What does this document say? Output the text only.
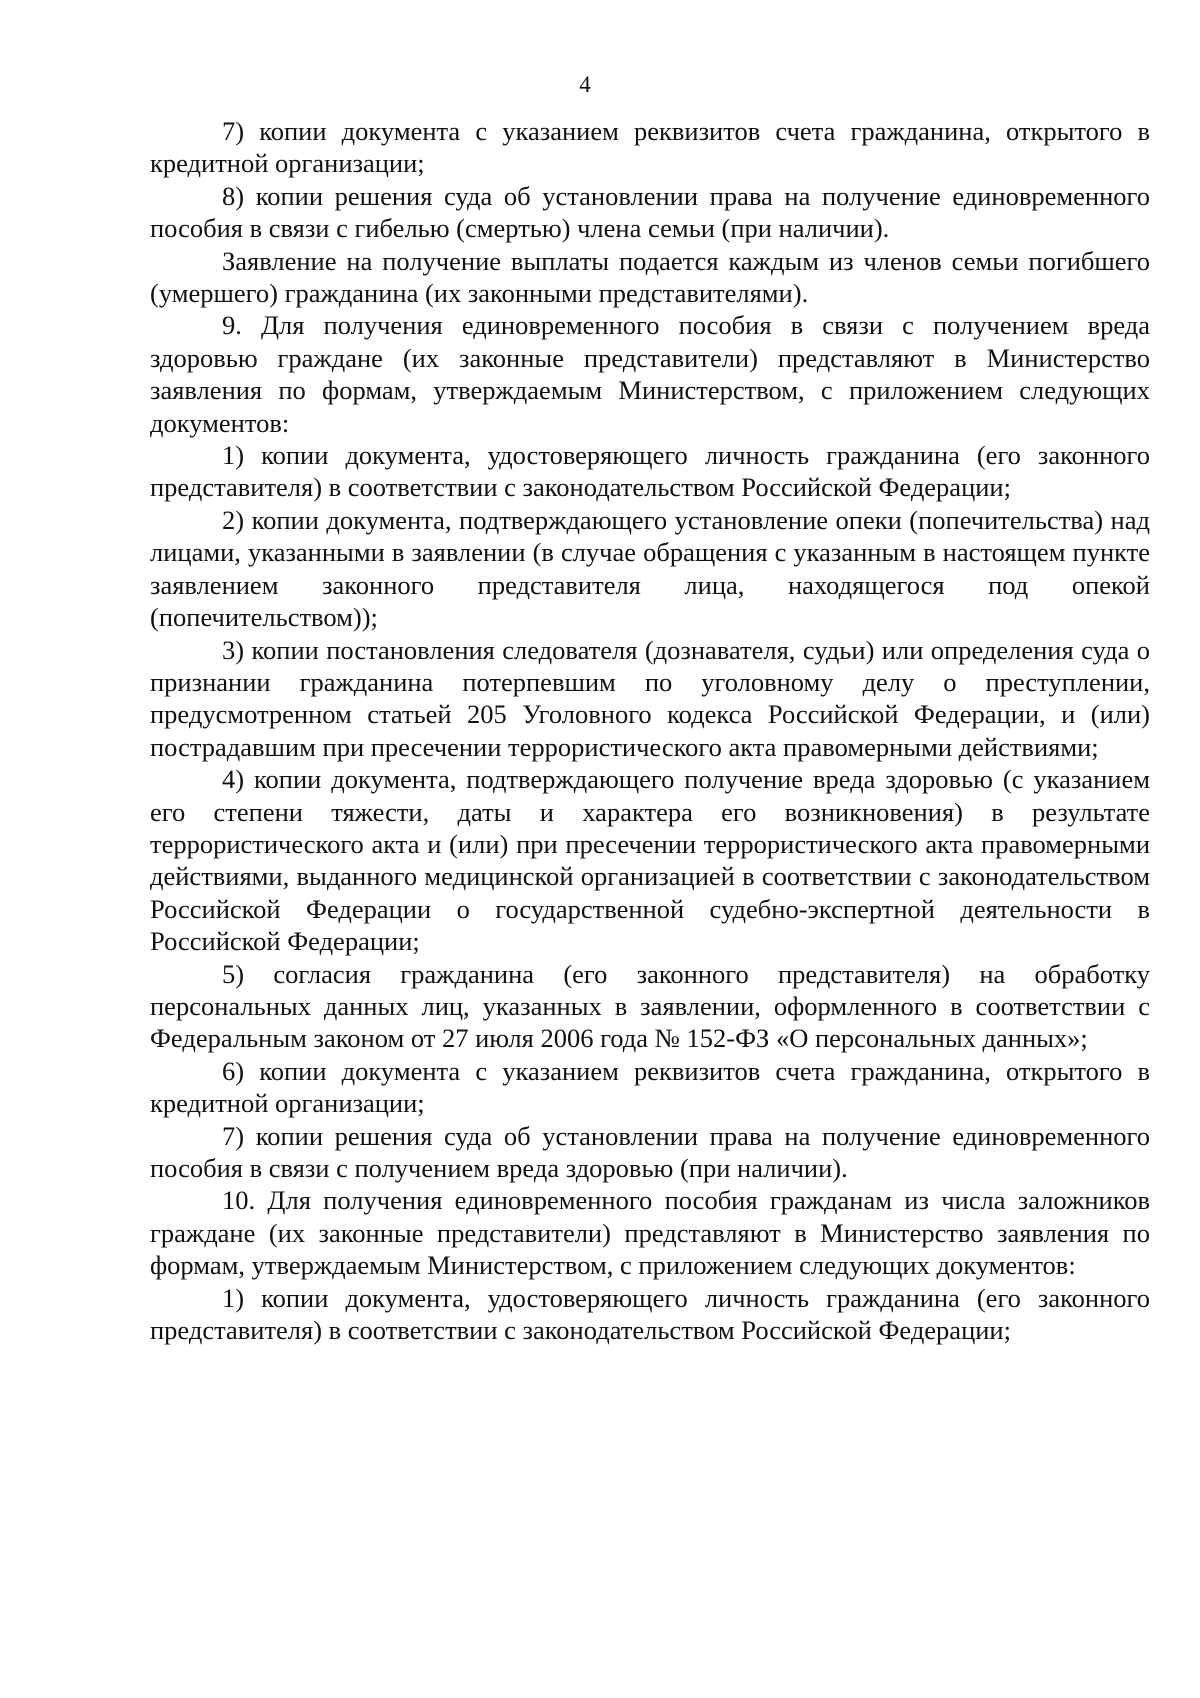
4

7) копии документа с указанием реквизитов счета гражданина, открытого в кредитной организации;

8) копии решения суда об установлении права на получение единовременного пособия в связи с гибелью (смертью) члена семьи (при наличии).

Заявление на получение выплаты подается каждым из членов семьи погибшего (умершего) гражданина (их законными представителями).

9. Для получения единовременного пособия в связи с получением вреда здоровью граждане (их законные представители) представляют в Министерство заявления по формам, утверждаемым Министерством, с приложением следующих документов:

1) копии документа, удостоверяющего личность гражданина (его законного представителя) в соответствии с законодательством Российской Федерации;

2) копии документа, подтверждающего установление опеки (попечительства) над лицами, указанными в заявлении (в случае обращения с указанным в настоящем пункте заявлением законного представителя лица, находящегося под опекой (попечительством));

3) копии постановления следователя (дознавателя, судьи) или определения суда о признании гражданина потерпевшим по уголовному делу о преступлении, предусмотренном статьей 205 Уголовного кодекса Российской Федерации, и (или) пострадавшим при пресечении террористического акта правомерными действиями;

4) копии документа, подтверждающего получение вреда здоровью (с указанием его степени тяжести, даты и характера его возникновения) в результате террористического акта и (или) при пресечении террористического акта правомерными действиями, выданного медицинской организацией в соответствии с законодательством Российской Федерации о государственной судебно-экспертной деятельности в Российской Федерации;

5) согласия гражданина (его законного представителя) на обработку персональных данных лиц, указанных в заявлении, оформленного в соответствии с Федеральным законом от 27 июля 2006 года № 152-ФЗ «О персональных данных»;

6) копии документа с указанием реквизитов счета гражданина, открытого в кредитной организации;

7) копии решения суда об установлении права на получение единовременного пособия в связи с получением вреда здоровью (при наличии).

10. Для получения единовременного пособия гражданам из числа заложников граждане (их законные представители) представляют в Министерство заявления по формам, утверждаемым Министерством, с приложением следующих документов:

1) копии документа, удостоверяющего личность гражданина (его законного представителя) в соответствии с законодательством Российской Федерации;
